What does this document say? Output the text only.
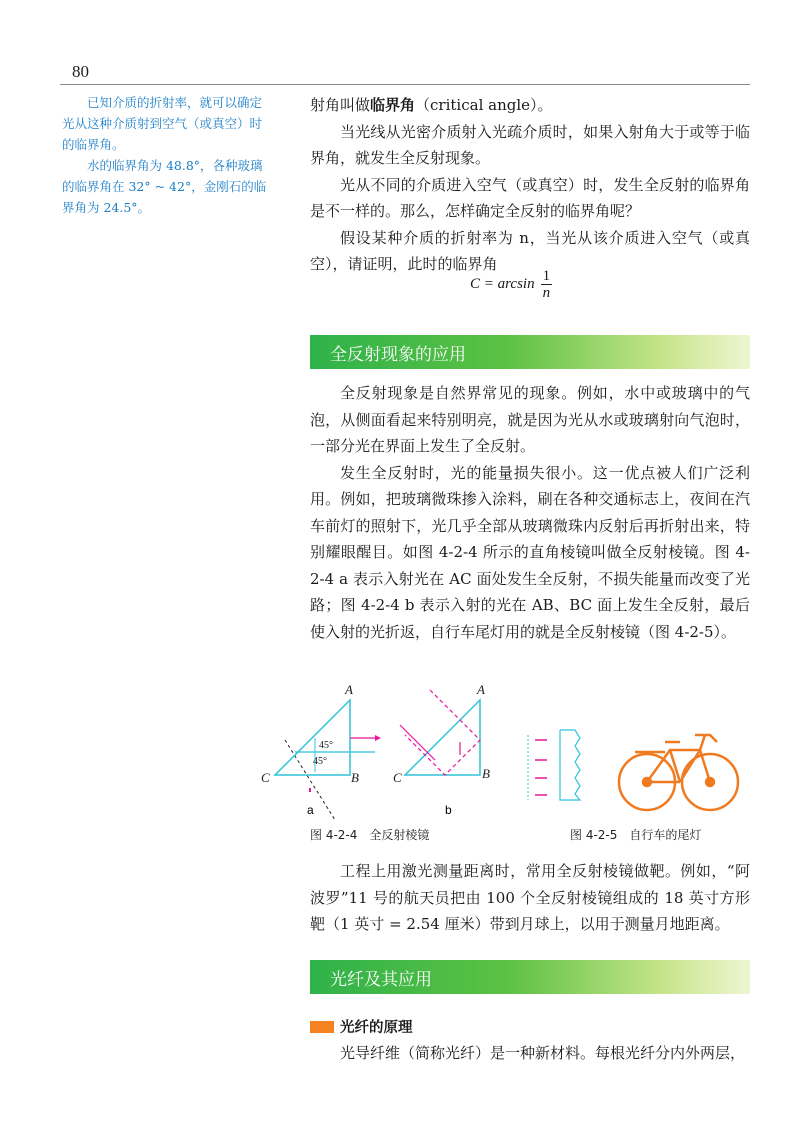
80

已知介质的折射率，就可以确定光从这种介质射到空气（或真空）时的临界角。

水的临界角为 48.8°，各种玻璃的临界角在 32° ~ 42°，金刚石的临界角为 24.5°。

射角叫做临界角（critical angle）。

当光线从光密介质射入光疏介质时，如果入射角大于或等于临界角，就发生全反射现象。

光从不同的介质进入空气（或真空）时，发生全反射的临界角是不一样的。那么，怎样确定全反射的临界角呢？

假设某种介质的折射率为 n，当光从该介质进入空气（或真空），请证明，此时的临界角

$C = \arcsin \frac{1}{n}$
全反射现象的应用

全反射现象是自然界常见的现象。例如，水中或玻璃中的气泡，从侧面看起来特别明亮，就是因为光从水或玻璃射向气泡时，一部分光在界面上发生了全反射。

发生全反射时，光的能量损失很小。这一优点被人们广泛利用。例如，把玻璃微珠掺入涂料，刷在各种交通标志上，夜间在汽车前灯的照射下，光几乎全部从玻璃微珠内反射后再折射出来，特别耀眼醒目。如图 4-2-4 所示的直角棱镜叫做全反射棱镜。图 4-2-4 a 表示入射光在 AC 面处发生全反射，不损失能量而改变了光路；图 4-2-4 b 表示入射的光在 AB、BC 面上发生全反射，最后使入射的光折返，自行车尾灯用的就是全反射棱镜（图 4-2-5）。

A
B
C
45°
45°
a
A
B
C
b
图 4-2-4　全反射棱镜	图 4-2-5　自行车的尾灯

工程上用激光测量距离时，常用全反射棱镜做靶。例如，“阿波罗”11 号的航天员把由 100 个全反射棱镜组成的 18 英寸方形靶（1 英寸 = 2.54 厘米）带到月球上，以用于测量月地距离。

光纤及其应用
光纤的原理

光导纤维（简称光纤）是一种新材料。每根光纤分内外两层，
